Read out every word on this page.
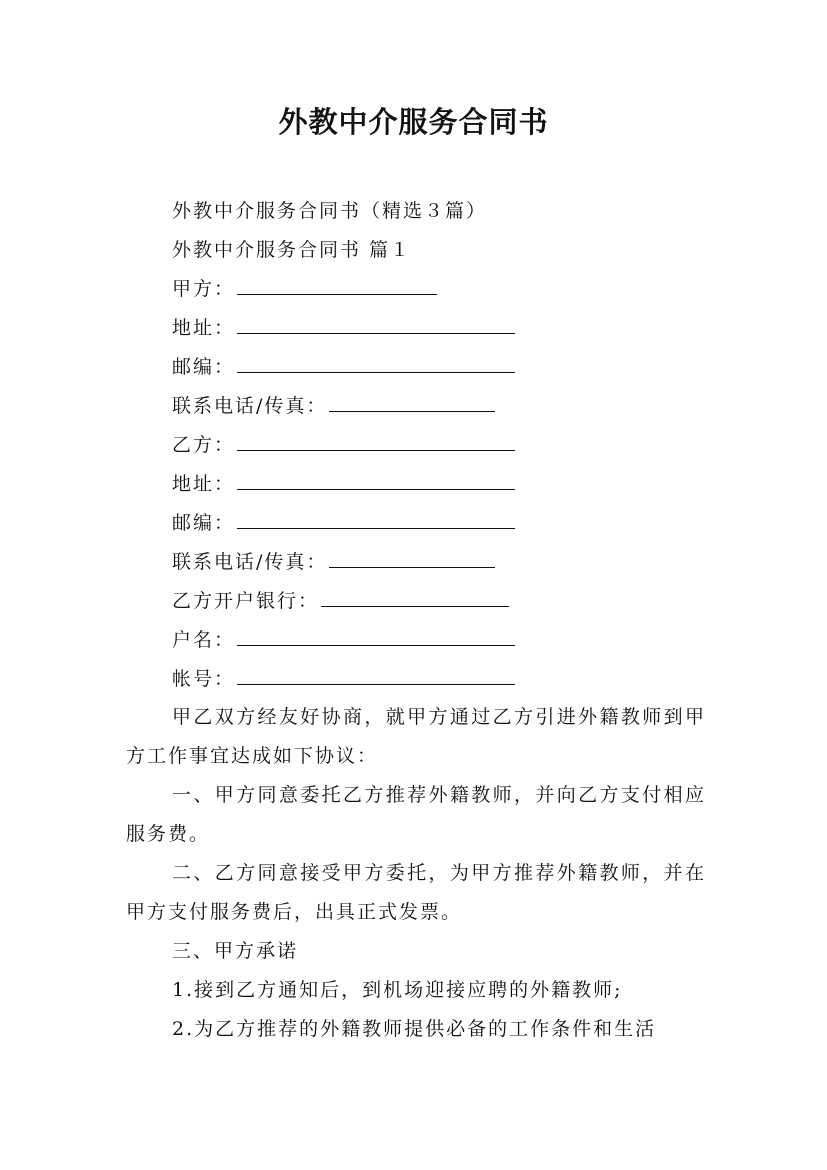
外教中介服务合同书
外教中介服务合同书（精选３篇）
外教中介服务合同书 篇１
甲方：
地址：
邮编：
联系电话/传真：
乙方：
地址：
邮编：
联系电话/传真：
乙方开户银行：
户名：
帐号：
甲乙双方经友好协商，就甲方通过乙方引进外籍教师到甲方工作事宜达成如下协议：
一、甲方同意委托乙方推荐外籍教师，并向乙方支付相应服务费。
二、乙方同意接受甲方委托，为甲方推荐外籍教师，并在甲方支付服务费后，出具正式发票。
三、甲方承诺
1.接到乙方通知后，到机场迎接应聘的外籍教师;
2.为乙方推荐的外籍教师提供必备的工作条件和生活
